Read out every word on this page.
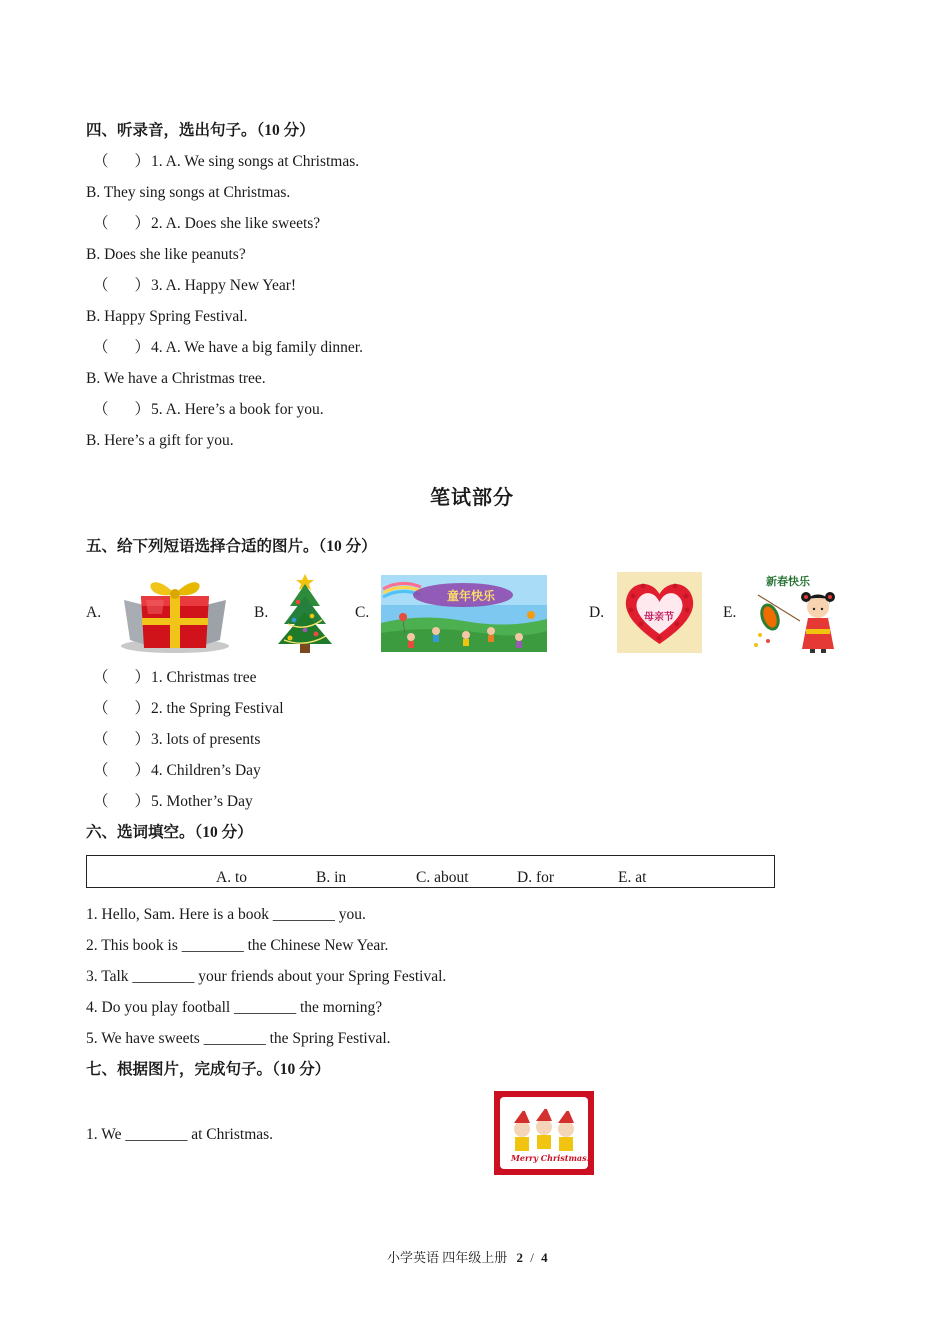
四、听录音，选出句子。（10 分）
（ ）1. A. We sing songs at Christmas.
B. They sing songs at Christmas.
（ ）2. A. Does she like sweets?
B. Does she like peanuts?
（ ）3. A. Happy New Year!
B. Happy Spring Festival.
（ ）4. A. We have a big family dinner.
B. We have a Christmas tree.
（ ）5. A. Here’s a book for you.
B. Here’s a gift for you.
笔试部分
五、给下列短语选择合适的图片。（10 分）
A.	B.	C.
童年快乐
D.	母亲节	E.
新春快乐
（ ）1. Christmas tree
（ ）2. the Spring Festival
（ ）3. lots of presents
（ ）4. Children’s Day
（ ）5. Mother’s Day
六、选词填空。（10 分）
A. to	B. in	C. about	D. for	E. at
1. Hello, Sam. Here is a book ________ you.
2. This book is ________ the Chinese New Year.
3. Talk ________ your friends about your Spring Festival.
4. Do you play football ________ the morning?
5. We have sweets ________ the Spring Festival.
七、根据图片，完成句子。（10 分）
1. We ________ at Christmas.
Merry Christmas!
小学英语 四年级上册 2 / 4
